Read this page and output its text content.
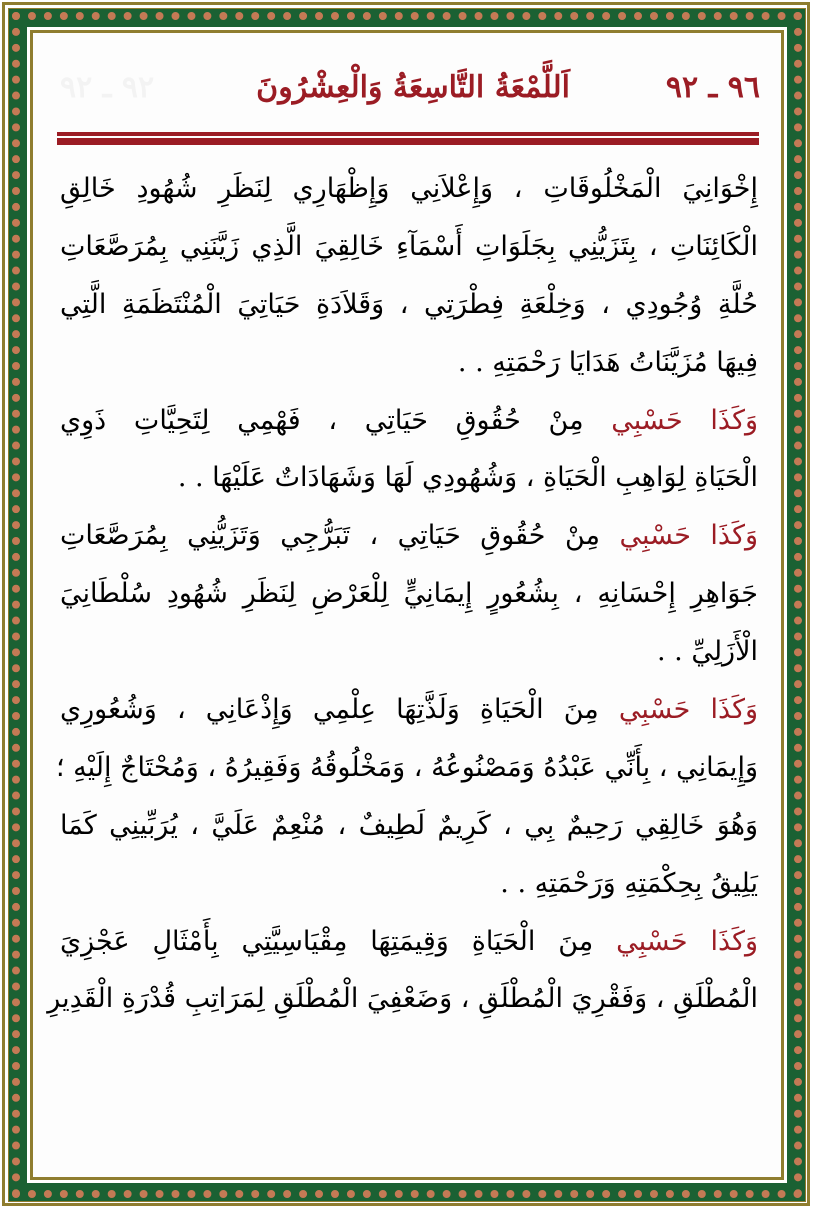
٩٦ ـ ٩٢
اَللَّمْعَةُ التَّاسِعَةُ وَالْعِشْرُونَ
٩٢ ـ ٩٢
إِخْوَانِيَ الْمَخْلُوقَاتِ ، وَإِعْلاَنِي وَإِظْهَارِي لِنَظَرِ شُهُودِ خَالِقِ
الْكَائِنَاتِ ، بِتَزَيُّنِي بِجَلَوَاتِ أَسْمَآءِ خَالِقِيَ الَّذِي زَيَّنَنِي بِمُرَصَّعَاتِ
حُلَّةِ وُجُودِي ، وَخِلْعَةِ فِطْرَتِي ، وَقَلاَدَةِ حَيَاتِيَ الْمُنْتَظَمَةِ الَّتِي
فِيهَا مُزَيَّنَاتُ هَدَايَا رَحْمَتِهِ . .
وَكَذَا حَسْبِي مِنْ حُقُوقِ حَيَاتِي ، فَهْمِي لِتَحِيَّاتِ ذَوِي
الْحَيَاةِ لِوَاهِبِ الْحَيَاةِ ، وَشُهُودِي لَهَا وَشَهَادَاتٌ عَلَيْهَا . .
وَكَذَا حَسْبِي مِنْ حُقُوقِ حَيَاتِي ، تَبَرُّجِي وَتَزَيُّنِي بِمُرَصَّعَاتِ
جَوَاهِرِ إِحْسَانِهِ ، بِشُعُورٍ إِيمَانِيٍّ لِلْعَرْضِ لِنَظَرِ شُهُودِ سُلْطَانِيَ
الْأَزَلِيِّ . .
وَكَذَا حَسْبِي مِنَ الْحَيَاةِ وَلَذَّتِهَا عِلْمِي وَإِذْعَانِي ، وَشُعُورِي
وَإِيمَانِي ، بِأَنِّي عَبْدُهُ وَمَصْنُوعُهُ ، وَمَخْلُوقُهُ وَفَقِيرُهُ ، وَمُحْتَاجٌ إِلَيْهِ ؛
وَهُوَ خَالِقِي رَحِيمٌ بِي ، كَرِيمٌ لَطِيفٌ ، مُنْعِمٌ عَلَيَّ ، يُرَبِّينِي كَمَا
يَلِيقُ بِحِكْمَتِهِ وَرَحْمَتِهِ . .
وَكَذَا حَسْبِي مِنَ الْحَيَاةِ وَقِيمَتِهَا مِقْيَاسِيَّتِي بِأَمْثَالِ عَجْزِيَ
الْمُطْلَقِ ، وَفَقْرِيَ الْمُطْلَقِ ، وَضَعْفِيَ الْمُطْلَقِ لِمَرَاتِبِ قُدْرَةِ الْقَدِيرِ
